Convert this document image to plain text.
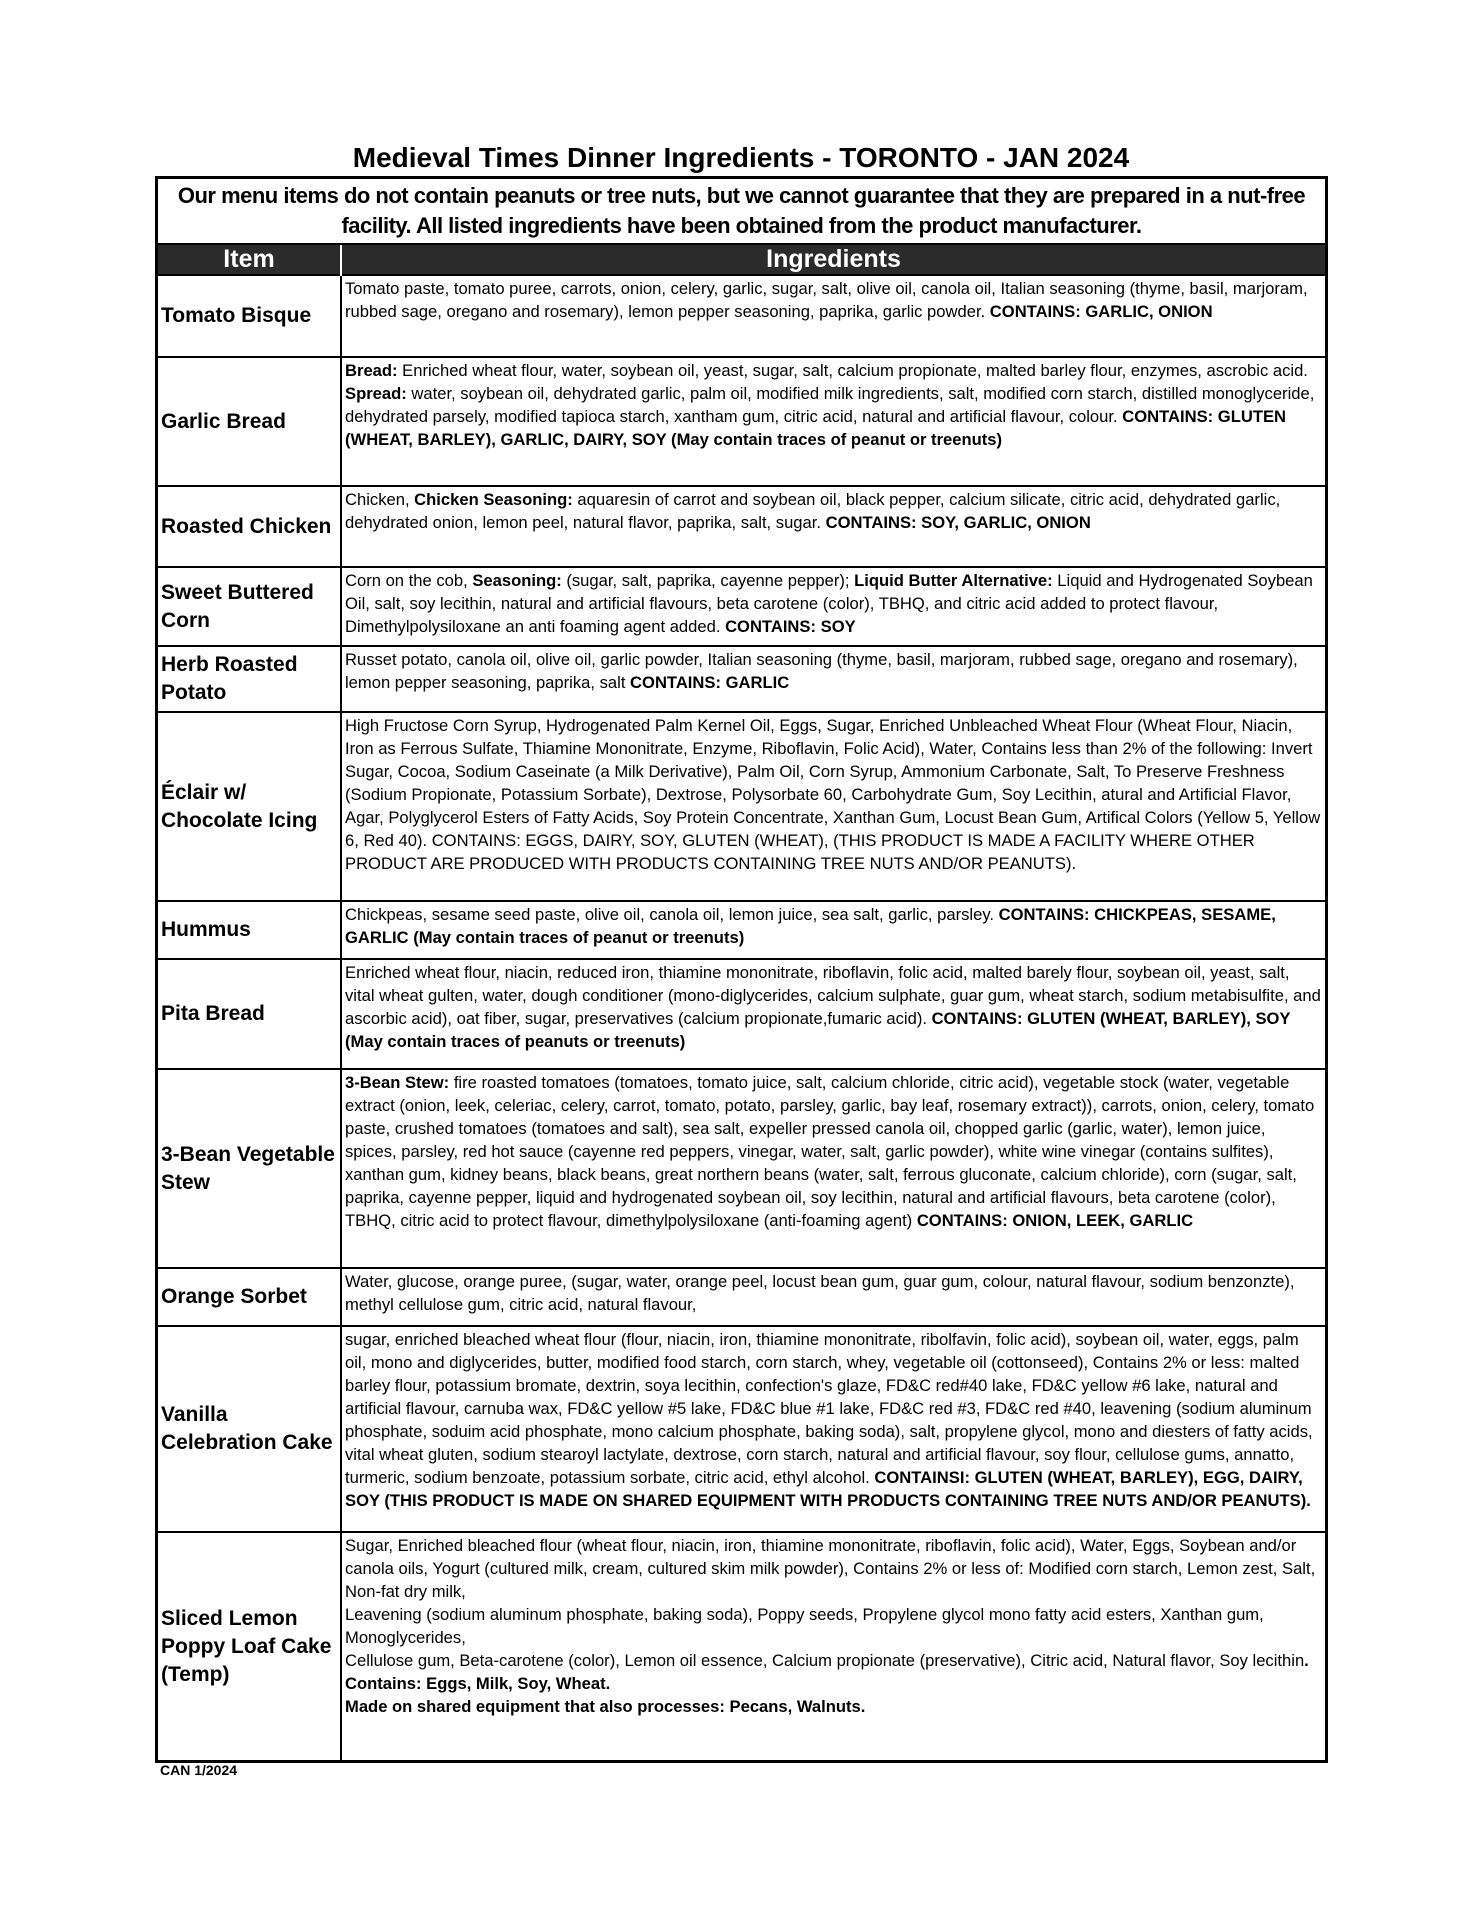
Medieval Times Dinner Ingredients - TORONTO - JAN 2024
Our menu items do not contain peanuts or tree nuts, but we cannot guarantee that they are prepared in a nut-free
facility. All listed ingredients have been obtained from the product manufacturer.
Item	Ingredients
Tomato Bisque	Tomato paste, tomato puree, carrots, onion, celery, garlic, sugar, salt, olive oil, canola oil, Italian seasoning (thyme, basil, marjoram, rubbed sage, oregano and rosemary), lemon pepper seasoning, paprika, garlic powder. CONTAINS: GARLIC, ONION

Garlic Bread	Bread: Enriched wheat flour, water, soybean oil, yeast, sugar, salt, calcium propionate, malted barley flour, enzymes, ascrobic acid. Spread: water, soybean oil, dehydrated garlic, palm oil, modified milk ingredients, salt, modified corn starch, distilled monoglyceride, dehydrated parsely, modified tapioca starch, xantham gum, citric acid, natural and artificial flavour, colour. CONTAINS: GLUTEN (WHEAT, BARLEY), GARLIC, DAIRY, SOY (May contain traces of peanut or treenuts)

Roasted Chicken	Chicken, Chicken Seasoning: aquaresin of carrot and soybean oil, black pepper, calcium silicate, citric acid, dehydrated garlic, dehydrated onion, lemon peel, natural flavor, paprika, salt, sugar. CONTAINS: SOY, GARLIC, ONION

Sweet Buttered Corn	Corn on the cob, Seasoning: (sugar, salt, paprika, cayenne pepper); Liquid Butter Alternative: Liquid and Hydrogenated Soybean Oil, salt, soy lecithin, natural and artificial flavours, beta carotene (color), TBHQ, and citric acid added to protect flavour, Dimethylpolysiloxane an anti foaming agent added. CONTAINS: SOY

Herb Roasted Potato	Russet potato, canola oil, olive oil, garlic powder, Italian seasoning (thyme, basil, marjoram, rubbed sage, oregano and rosemary), lemon pepper seasoning, paprika, salt CONTAINS: GARLIC

Éclair w/ Chocolate Icing	High Fructose Corn Syrup, Hydrogenated Palm Kernel Oil, Eggs, Sugar, Enriched Unbleached Wheat Flour (Wheat Flour, Niacin, Iron as Ferrous Sulfate, Thiamine Mononitrate, Enzyme, Riboflavin, Folic Acid), Water, Contains less than 2% of the following: Invert Sugar, Cocoa, Sodium Caseinate (a Milk Derivative), Palm Oil, Corn Syrup, Ammonium Carbonate, Salt, To Preserve Freshness (Sodium Propionate, Potassium Sorbate), Dextrose, Polysorbate 60, Carbohydrate Gum, Soy Lecithin, atural and Artificial Flavor, Agar, Polyglycerol Esters of Fatty Acids, Soy Protein Concentrate, Xanthan Gum, Locust Bean Gum, Artifical Colors (Yellow 5, Yellow 6, Red 40). CONTAINS: EGGS, DAIRY, SOY, GLUTEN (WHEAT), (THIS PRODUCT IS MADE A FACILITY WHERE OTHER PRODUCT ARE PRODUCED WITH PRODUCTS CONTAINING TREE NUTS AND/OR PEANUTS).

Hummus	Chickpeas, sesame seed paste, olive oil, canola oil, lemon juice, sea salt, garlic, parsley. CONTAINS: CHICKPEAS, SESAME, GARLIC (May contain traces of peanut or treenuts)

Pita Bread	Enriched wheat flour, niacin, reduced iron, thiamine mononitrate, riboflavin, folic acid, malted barely flour, soybean oil, yeast, salt, vital wheat gulten, water, dough conditioner (mono-diglycerides, calcium sulphate, guar gum, wheat starch, sodium metabisulfite, and ascorbic acid), oat fiber, sugar, preservatives (calcium propionate,fumaric acid). CONTAINS: GLUTEN (WHEAT, BARLEY), SOY (May contain traces of peanuts or treenuts)

3-Bean Vegetable Stew	3-Bean Stew: fire roasted tomatoes (tomatoes, tomato juice, salt, calcium chloride, citric acid), vegetable stock (water, vegetable extract (onion, leek, celeriac, celery, carrot, tomato, potato, parsley, garlic, bay leaf, rosemary extract)), carrots, onion, celery, tomato paste, crushed tomatoes (tomatoes and salt), sea salt, expeller pressed canola oil, chopped garlic (garlic, water), lemon juice, spices, parsley, red hot sauce (cayenne red peppers, vinegar, water, salt, garlic powder), white wine vinegar (contains sulfites), xanthan gum, kidney beans, black beans, great northern beans (water, salt, ferrous gluconate, calcium chloride), corn (sugar, salt, paprika, cayenne pepper, liquid and hydrogenated soybean oil, soy lecithin, natural and artificial flavours, beta carotene (color), TBHQ, citric acid to protect flavour, dimethylpolysiloxane (anti-foaming agent) CONTAINS: ONION, LEEK, GARLIC

Orange Sorbet	Water, glucose, orange puree, (sugar, water, orange peel, locust bean gum, guar gum, colour, natural flavour, sodium benzonzte), methyl cellulose gum, citric acid, natural flavour,

Vanilla Celebration Cake	sugar, enriched bleached wheat flour (flour, niacin, iron, thiamine mononitrate, ribolfavin, folic acid), soybean oil, water, eggs, palm oil, mono and diglycerides, butter, modified food starch, corn starch, whey, vegetable oil (cottonseed), Contains 2% or less: malted barley flour, potassium bromate, dextrin, soya lecithin, confection's glaze, FD&C red#40 lake, FD&C yellow #6 lake, natural and artificial flavour, carnuba wax, FD&C yellow #5 lake, FD&C blue #1 lake, FD&C red #3, FD&C red #40, leavening (sodium aluminum phosphate, soduim acid phosphate, mono calcium phosphate, baking soda), salt, propylene glycol, mono and diesters of fatty acids, vital wheat gluten, sodium stearoyl lactylate, dextrose, corn starch, natural and artificial flavour, soy flour, cellulose gums, annatto, turmeric, sodium benzoate, potassium sorbate, citric acid, ethyl alcohol. CONTAINSI: GLUTEN (WHEAT, BARLEY), EGG, DAIRY, SOY (THIS PRODUCT IS MADE ON SHARED EQUIPMENT WITH PRODUCTS CONTAINING TREE NUTS AND/OR PEANUTS).

Sliced Lemon Poppy Loaf Cake (Temp)	Sugar, Enriched bleached flour (wheat flour, niacin, iron, thiamine mononitrate, riboflavin, folic acid), Water, Eggs, Soybean and/or
canola oils, Yogurt (cultured milk, cream, cultured skim milk powder), Contains 2% or less of: Modified corn starch, Lemon zest, Salt, Non-fat dry milk,
Leavening (sodium aluminum phosphate, baking soda), Poppy seeds, Propylene glycol mono fatty acid esters, Xanthan gum, Monoglycerides,
Cellulose gum, Beta-carotene (color), Lemon oil essence, Calcium propionate (preservative), Citric acid, Natural flavor, Soy lecithin. Contains: Eggs, Milk, Soy, Wheat.
Made on shared equipment that also processes: Pecans, Walnuts.
CAN 1/2024
